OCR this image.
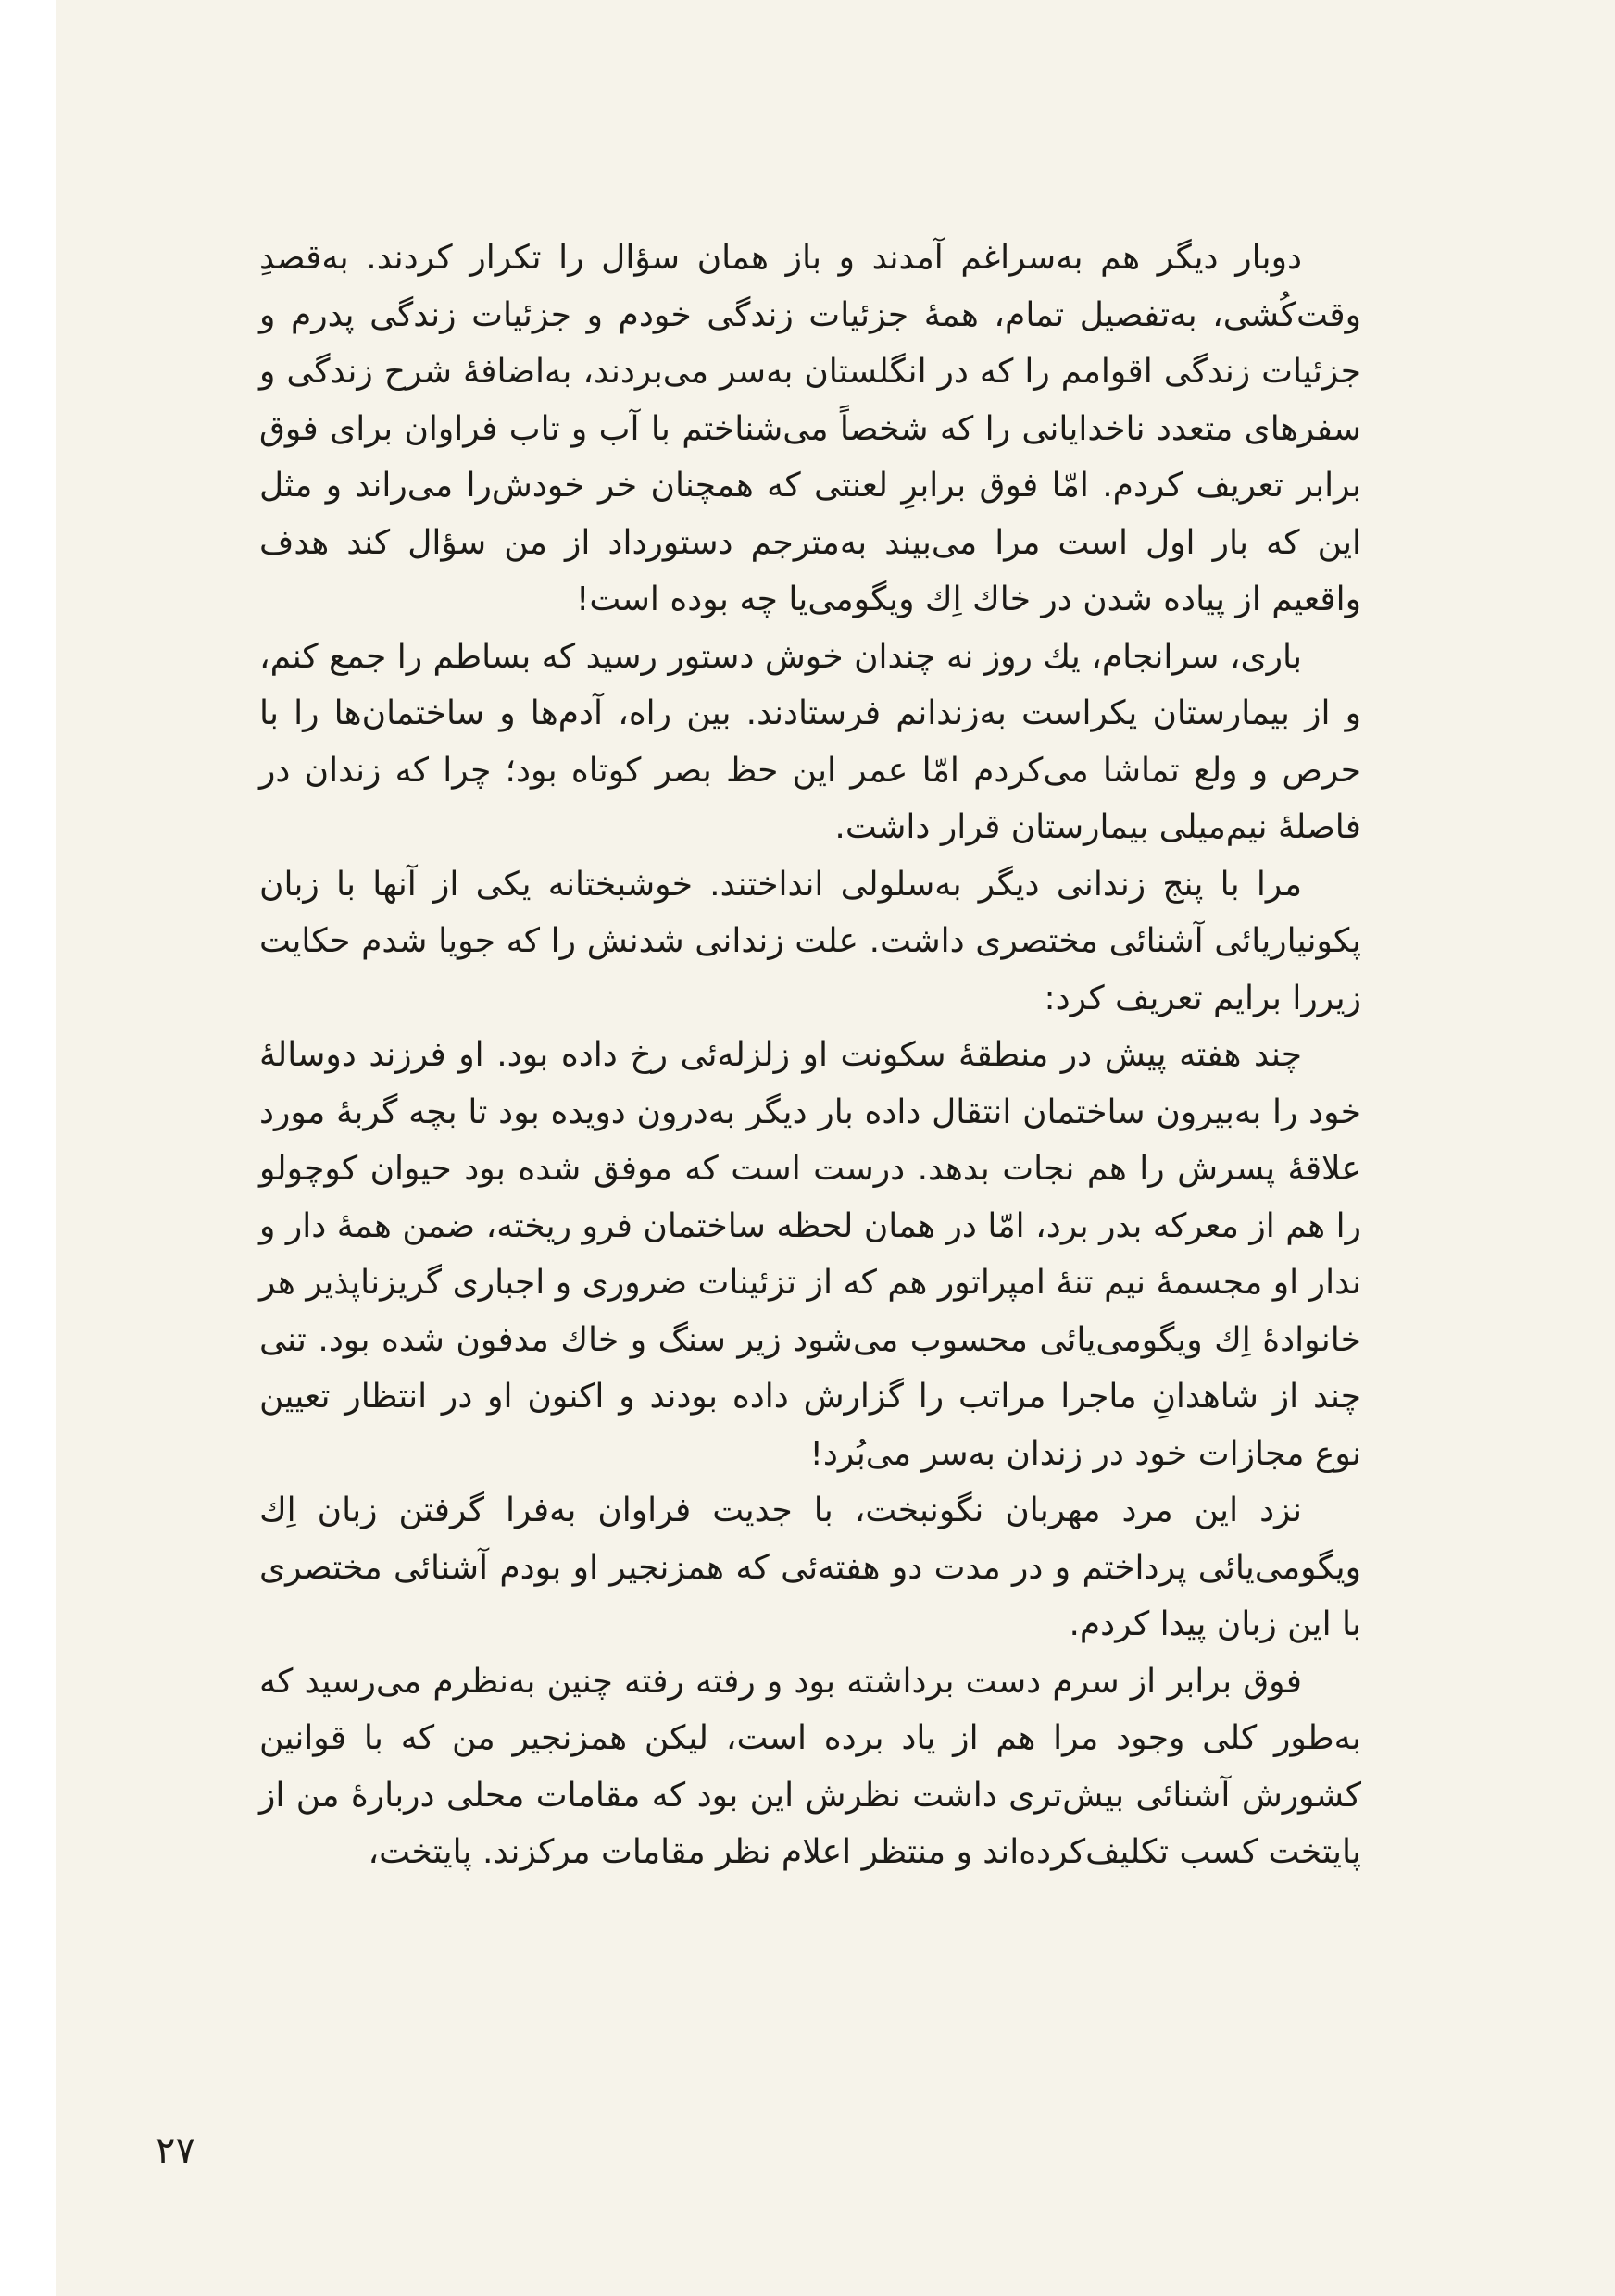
دوبار دیگر هم به‌سراغم آمدند و باز همان سؤال را تکرار کردند. به‌قصدِ وقت‌کُشی، به‌تفصیل تمام، همهٔ جزئیات زندگی خودم و جزئیات زندگی پدرم و جزئیات زندگی اقوامم را که در انگلستان به‌سر می‌بردند، به‌اضافهٔ شرح زندگی و سفرهای متعدد ناخدایانی را که شخصاً می‌شناختم با آب و تاب فراوان برای فوق برابر تعریف کردم. امّا فوق برابرِ لعنتی که همچنان خر خودش‌را می‌راند و مثل این که بار اول است مرا می‌بیند به‌مترجم دستورداد از من سؤال کند هدف واقعیم از پیاده شدن در خاك اِك ویگومی‌یا چه بوده است!

باری، سرانجام، یك روز نه چندان خوش دستور رسید که بساطم را جمع کنم، و از بیمارستان یکراست به‌زندانم فرستادند. بین راه، آدم‌ها و ساختمان‌ها را با حرص و ولع تماشا می‌کردم امّا عمر این حظ بصر کوتاه بود؛ چرا که زندان در فاصلهٔ نیم‌میلی بیمارستان قرار داشت.

مرا با پنج زندانی دیگر به‌سلولی انداختند. خوشبختانه یکی از آنها با زبان پکونیاریائی آشنائی مختصری داشت. علت زندانی شدنش را که جویا شدم حکایت زیررا برایم تعریف کرد:

چند هفته پیش در منطقهٔ سکونت او زلزله‌ئی رخ داده بود. او فرزند دوسالهٔ خود را به‌بیرون ساختمان انتقال داده بار دیگر به‌درون دویده بود تا بچه گربهٔ مورد علاقهٔ پسرش را هم نجات بدهد. درست است که موفق شده بود حیوان کوچولو را هم از معرکه بدر برد، امّا در همان لحظه ساختمان فرو ریخته، ضمن همهٔ دار و ندار او مجسمهٔ نیم تنهٔ امپراتور هم که از تزئینات ضروری و اجباری گریزناپذیر هر خانوادهٔ اِك ویگومی‌یائی محسوب می‌شود زیر سنگ و خاك مدفون شده بود. تنی چند از شاهدانِ ماجرا مراتب را گزارش داده بودند و اکنون او در انتظار تعیین نوع مجازات خود در زندان به‌سر می‌بُرد!

نزد این مرد مهربان نگونبخت، با جدیت فراوان به‌فرا گرفتن زبان اِك ویگومی‌یائی پرداختم و در مدت دو هفته‌ئی که همزنجیر او بودم آشنائی مختصری با این زبان پیدا کردم.

فوق برابر از سرم دست برداشته بود و رفته رفته چنین به‌نظرم می‌رسید که به‌طور کلی وجود مرا هم از یاد برده است، لیکن همزنجیر من که با قوانین کشورش آشنائی بیش‌تری داشت نظرش این بود که مقامات محلی دربارهٔ من از پایتخت کسب تکلیف‌کرده‌اند و منتظر اعلام نظر مقامات مرکزند. پایتخت،

۲۷
